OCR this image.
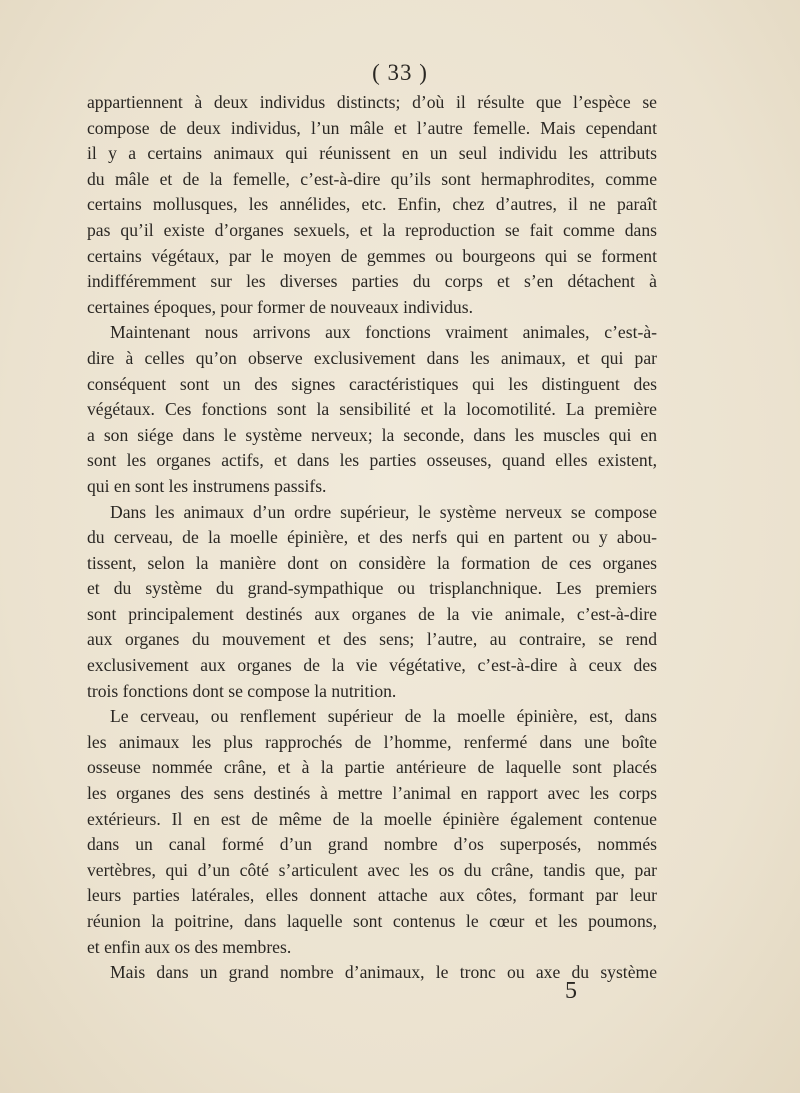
( 33 )
appartiennent à deux individus distincts; d’où il résulte que l’espèce se
compose de deux individus, l’un mâle et l’autre femelle. Mais cependant
il y a certains animaux qui réunissent en un seul individu les attributs
du mâle et de la femelle, c’est-à-dire qu’ils sont hermaphrodites, comme
certains mollusques, les annélides, etc. Enfin, chez d’autres, il ne paraît
pas qu’il existe d’organes sexuels, et la reproduction se fait comme dans
certains végétaux, par le moyen de gemmes ou bourgeons qui se forment
indifféremment sur les diverses parties du corps et s’en détachent à
certaines époques, pour former de nouveaux individus.
Maintenant nous arrivons aux fonctions vraiment animales, c’est-à-
dire à celles qu’on observe exclusivement dans les animaux, et qui par
conséquent sont un des signes caractéristiques qui les distinguent des
végétaux. Ces fonctions sont la sensibilité et la locomotilité. La première
a son siége dans le système nerveux; la seconde, dans les muscles qui en
sont les organes actifs, et dans les parties osseuses, quand elles existent,
qui en sont les instrumens passifs.
Dans les animaux d’un ordre supérieur, le système nerveux se compose
du cerveau, de la moelle épinière, et des nerfs qui en partent ou y abou-
tissent, selon la manière dont on considère la formation de ces organes
et du système du grand-sympathique ou trisplanchnique. Les premiers
sont principalement destinés aux organes de la vie animale, c’est-à-dire
aux organes du mouvement et des sens; l’autre, au contraire, se rend
exclusivement aux organes de la vie végétative, c’est-à-dire à ceux des
trois fonctions dont se compose la nutrition.
Le cerveau, ou renflement supérieur de la moelle épinière, est, dans
les animaux les plus rapprochés de l’homme, renfermé dans une boîte
osseuse nommée crâne, et à la partie antérieure de laquelle sont placés
les organes des sens destinés à mettre l’animal en rapport avec les corps
extérieurs. Il en est de même de la moelle épinière également contenue
dans un canal formé d’un grand nombre d’os superposés, nommés
vertèbres, qui d’un côté s’articulent avec les os du crâne, tandis que, par
leurs parties latérales, elles donnent attache aux côtes, formant par leur
réunion la poitrine, dans laquelle sont contenus le cœur et les poumons,
et enfin aux os des membres.
Mais dans un grand nombre d’animaux, le tronc ou axe du système
5
